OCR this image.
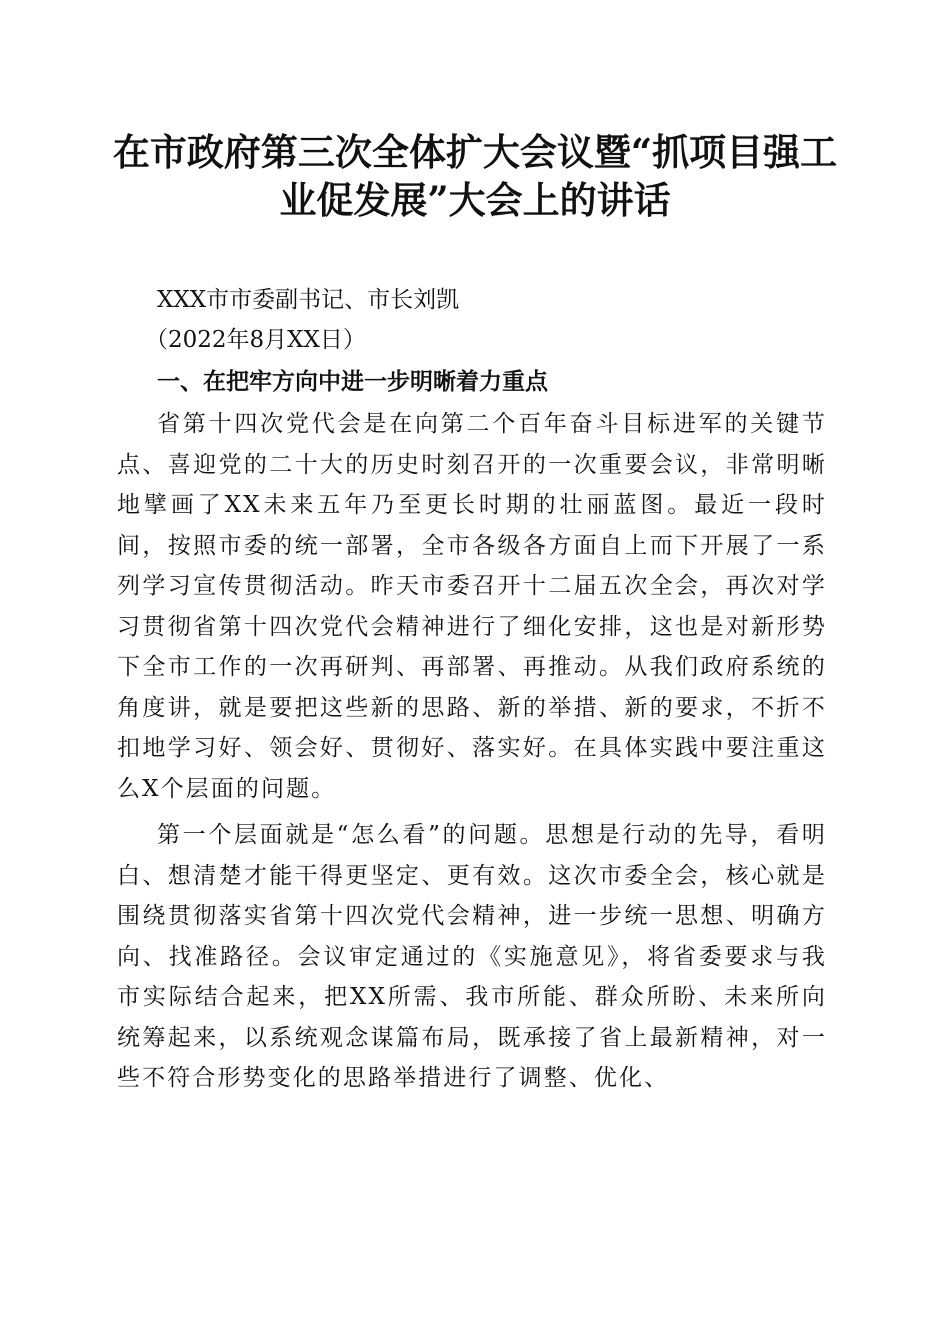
在市政府第三次全体扩大会议暨“抓项目强工业促发展”大会上的讲话

XXX市市委副书记、市长刘凯

（2022年8月XX日）

一、在把牢方向中进一步明晰着力重点

省第十四次党代会是在向第二个百年奋斗目标进军的关键节点、喜迎党的二十大的历史时刻召开的一次重要会议，非常明晰地擘画了XX未来五年乃至更长时期的壮丽蓝图。最近一段时间，按照市委的统一部署，全市各级各方面自上而下开展了一系列学习宣传贯彻活动。昨天市委召开十二届五次全会，再次对学习贯彻省第十四次党代会精神进行了细化安排，这也是对新形势下全市工作的一次再研判、再部署、再推动。从我们政府系统的角度讲，就是要把这些新的思路、新的举措、新的要求，不折不扣地学习好、领会好、贯彻好、落实好。在具体实践中要注重这么X个层面的问题。

第一个层面就是“怎么看”的问题。思想是行动的先导，看明白、想清楚才能干得更坚定、更有效。这次市委全会，核心就是围绕贯彻落实省第十四次党代会精神，进一步统一思想、明确方向、找准路径。会议审定通过的《实施意见》，将省委要求与我市实际结合起来，把XX所需、我市所能、群众所盼、未来所向统筹起来，以系统观念谋篇布局，既承接了省上最新精神，对一些不符合形势变化的思路举措进行了调整、优化、
